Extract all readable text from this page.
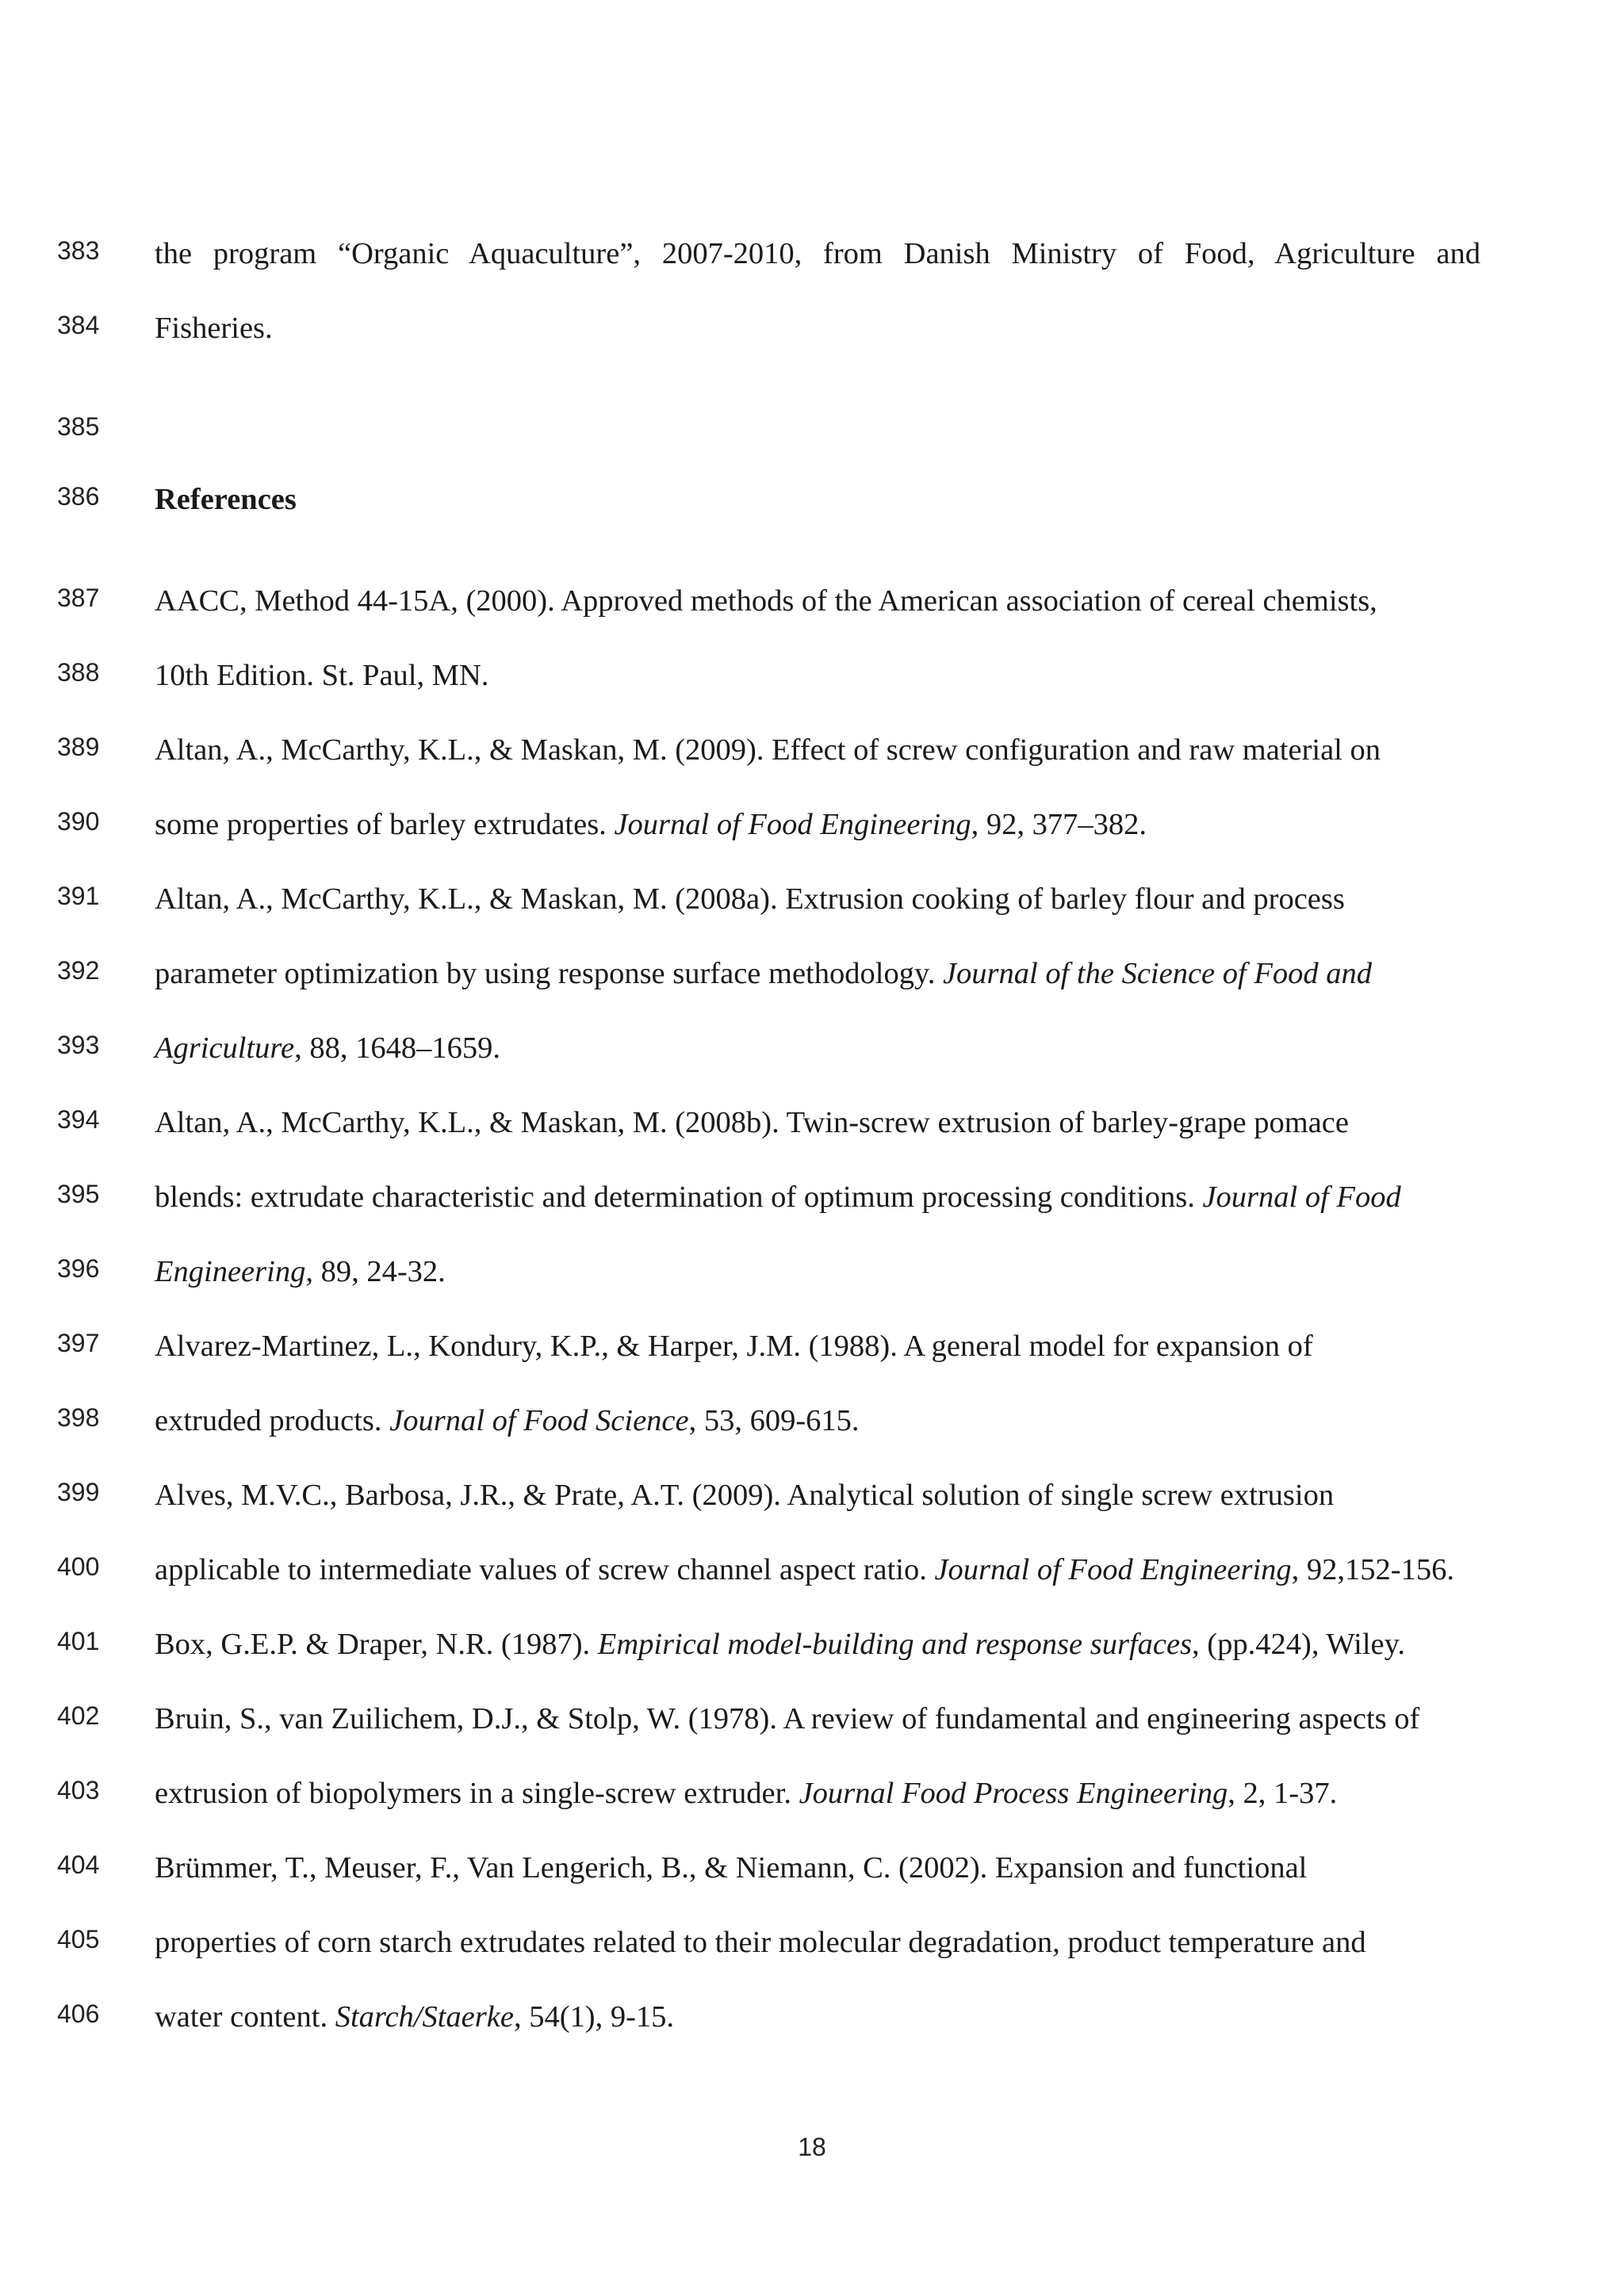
18
383	the program “Organic Aquaculture”, 2007-2010, from Danish Ministry of Food, Agriculture and
384	Fisheries.
385
386	References
387	AACC, Method 44-15A, (2000). Approved methods of the American association of cereal chemists,
388	10th Edition. St. Paul, MN.
389	Altan, A., McCarthy, K.L., & Maskan, M. (2009). Effect of screw configuration and raw material on
390	some properties of barley extrudates. Journal of Food Engineering, 92, 377–382.
391	Altan, A., McCarthy, K.L., & Maskan, M. (2008a). Extrusion cooking of barley flour and process
392	parameter optimization by using response surface methodology. Journal of the Science of Food and
393	Agriculture, 88, 1648–1659.
394	Altan, A., McCarthy, K.L., & Maskan, M. (2008b). Twin-screw extrusion of barley-grape pomace
395	blends: extrudate characteristic and determination of optimum processing conditions. Journal of Food
396	Engineering, 89, 24-32.
397	Alvarez-Martinez, L., Kondury, K.P., & Harper, J.M. (1988). A general model for expansion of
398	extruded products. Journal of Food Science, 53, 609-615.
399	Alves, M.V.C., Barbosa, J.R., & Prate, A.T. (2009). Analytical solution of single screw extrusion
400	applicable to intermediate values of screw channel aspect ratio. Journal of Food Engineering, 92,152-156.
401	Box, G.E.P. & Draper, N.R. (1987). Empirical model-building and response surfaces, (pp.424), Wiley.
402	Bruin, S., van Zuilichem, D.J., & Stolp, W. (1978). A review of fundamental and engineering aspects of
403	extrusion of biopolymers in a single-screw extruder. Journal Food Process Engineering, 2, 1-37.
404	Brümmer, T., Meuser, F., Van Lengerich, B., & Niemann, C. (2002). Expansion and functional
405	properties of corn starch extrudates related to their molecular degradation, product temperature and
406	water content. Starch/Staerke, 54(1), 9-15.
